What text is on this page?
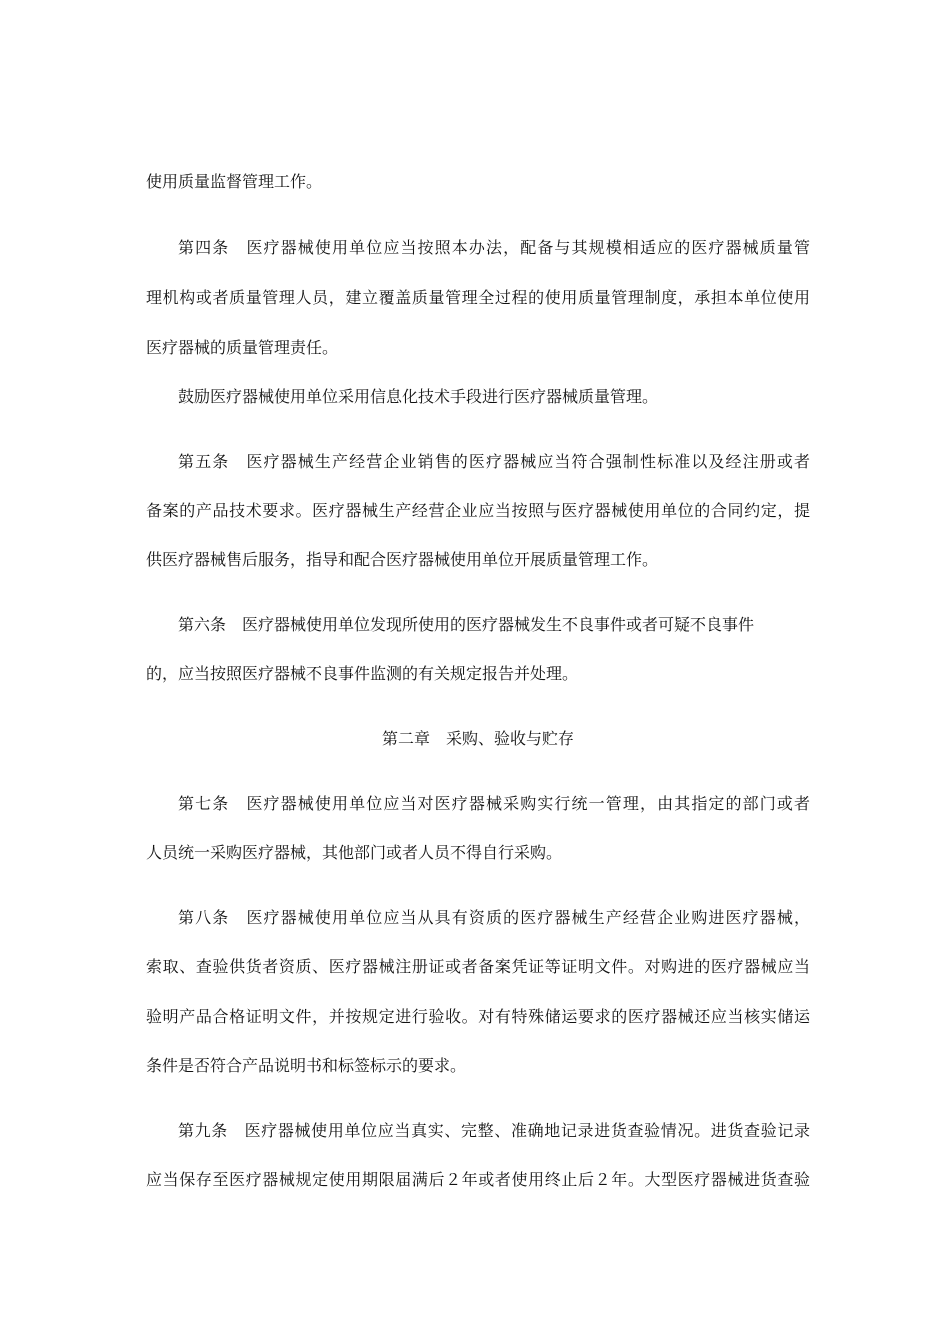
使用质量监督管理工作。
第四条　医疗器械使用单位应当按照本办法，配备与其规模相适应的医疗器械质量管
理机构或者质量管理人员，建立覆盖质量管理全过程的使用质量管理制度，承担本单位使用
医疗器械的质量管理责任。
鼓励医疗器械使用单位采用信息化技术手段进行医疗器械质量管理。
第五条　医疗器械生产经营企业销售的医疗器械应当符合强制性标准以及经注册或者
备案的产品技术要求。医疗器械生产经营企业应当按照与医疗器械使用单位的合同约定，提
供医疗器械售后服务，指导和配合医疗器械使用单位开展质量管理工作。
第六条　医疗器械使用单位发现所使用的医疗器械发生不良事件或者可疑不良事件
的，应当按照医疗器械不良事件监测的有关规定报告并处理。
第二章　采购、验收与贮存
第七条　医疗器械使用单位应当对医疗器械采购实行统一管理，由其指定的部门或者
人员统一采购医疗器械，其他部门或者人员不得自行采购。
第八条　医疗器械使用单位应当从具有资质的医疗器械生产经营企业购进医疗器械，
索取、查验供货者资质、医疗器械注册证或者备案凭证等证明文件。对购进的医疗器械应当
验明产品合格证明文件，并按规定进行验收。对有特殊储运要求的医疗器械还应当核实储运
条件是否符合产品说明书和标签标示的要求。
第九条　医疗器械使用单位应当真实、完整、准确地记录进货查验情况。进货查验记录
应当保存至医疗器械规定使用期限届满后２年或者使用终止后２年。大型医疗器械进货查验
